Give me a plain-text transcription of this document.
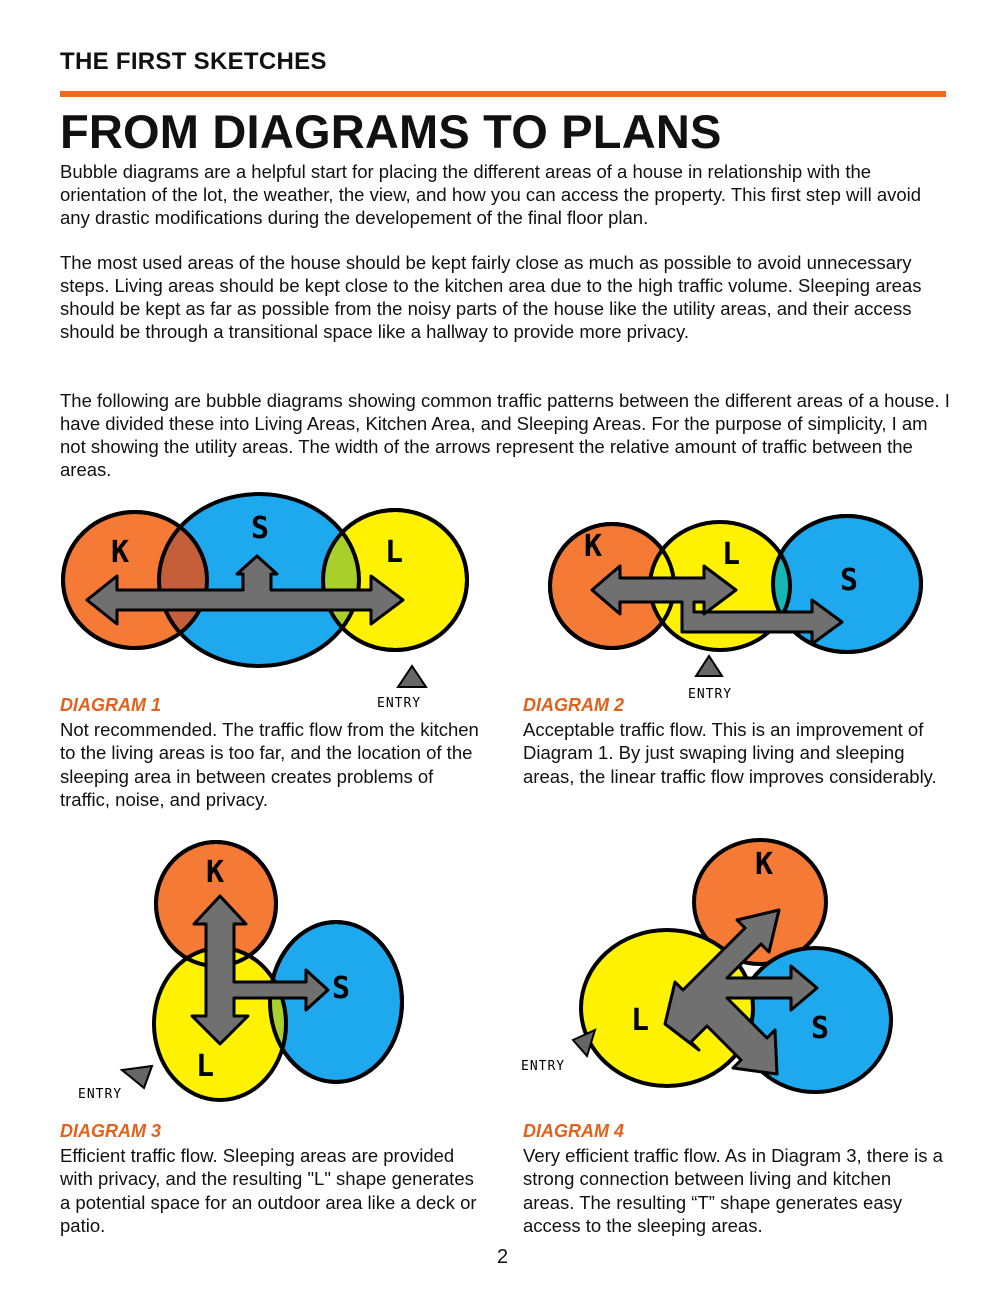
THE FIRST SKETCHES
FROM DIAGRAMS TO PLANS

Bubble diagrams are a helpful start for placing the different areas of a house in relationship with the orientation of the lot, the weather, the view, and how you can access the property. This first step will avoid any drastic modifications during the developement of the final floor plan.

The most used areas of the house should be kept fairly close as much as possible to avoid unnecessary steps. Living areas should be kept close to the kitchen area due to the high traffic volume. Sleeping areas should be kept as far as possible from the noisy parts of the house like the utility areas, and their access should be through a transitional space like a hallway to provide more privacy.

The following are bubble diagrams showing common traffic patterns between the different areas of a house. I have divided these into Living Areas, Kitchen Area, and Sleeping Areas. For the purpose of simplicity, I am not showing the utility areas. The width of the arrows represent the relative amount of traffic between the areas.

K
S
L
ENTRY
DIAGRAM 1
Not recommended. The traffic flow from the kitchen to the living areas is too far, and the location of the sleeping area in between creates problems of traffic, noise, and privacy.
K	L
S
ENTRY
DIAGRAM 2
Acceptable traffic flow. This is an improvement of Diagram 1. By just swaping living and sleeping areas, the linear traffic flow improves considerably.
K
S
L
ENTRY
DIAGRAM 3
Efficient traffic flow. Sleeping areas are provided with privacy, and the resulting "L" shape generates a potential space for an outdoor area like a deck or patio.
K
L	S
ENTRY
DIAGRAM 4
Very efficient traffic flow. As in Diagram 3, there is a strong connection between living and kitchen areas. The resulting “T” shape generates easy access to the sleeping areas.
2
